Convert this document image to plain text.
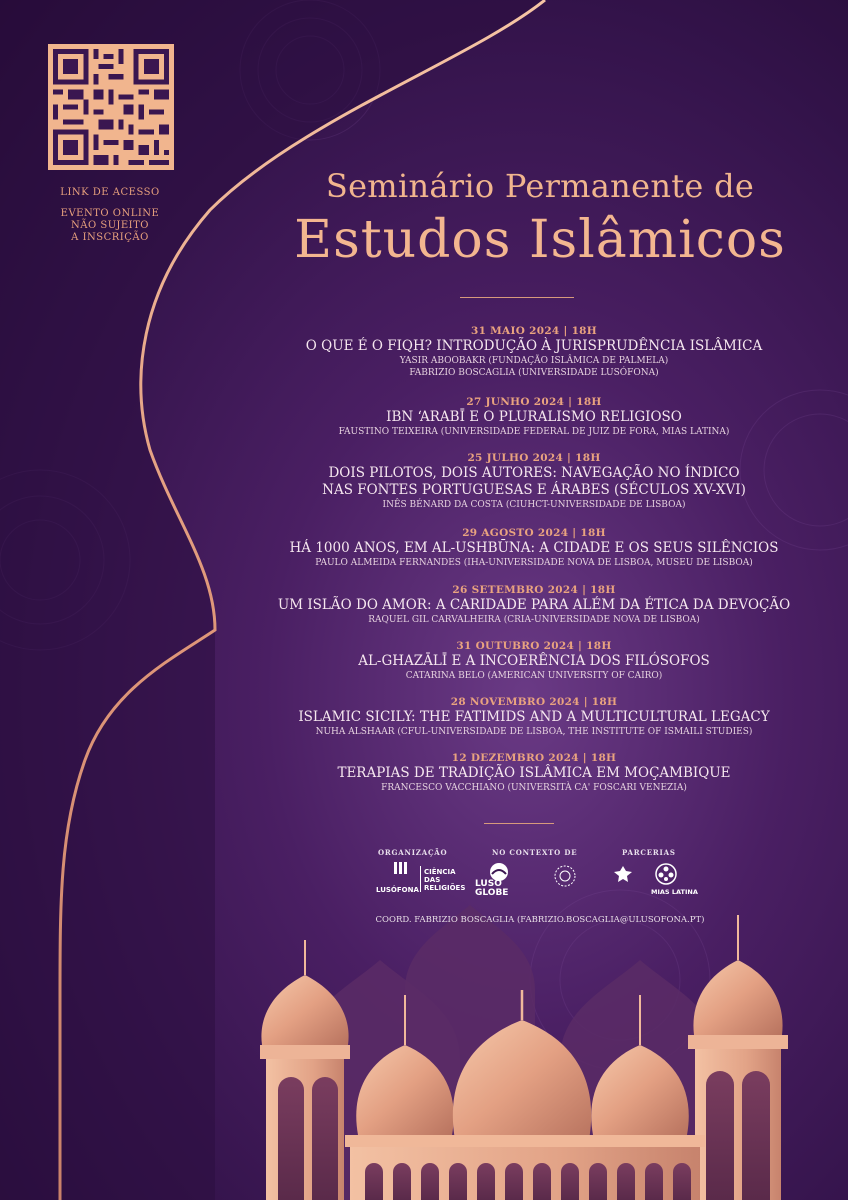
LINK DE ACESSO
EVENTO ONLINE
NÃO SUJEITO
A INSCRIÇÃO
Seminário Permanente de
Estudos Islâmicos
31 MAIO 2024 | 18H
O QUE É O FIQH? INTRODUÇÃO À JURISPRUDÊNCIA ISLÂMICA
YASIR ABOOBAKR (FUNDAÇÃO ISLÂMICA DE PALMELA)
FABRIZIO BOSCAGLIA (UNIVERSIDADE LUSÓFONA)
27 JUNHO 2024 | 18H
IBN ‘ARABĪ E O PLURALISMO RELIGIOSO
FAUSTINO TEIXEIRA (UNIVERSIDADE FEDERAL DE JUIZ DE FORA, MIAS LATINA)
25 JULHO 2024 | 18H
DOIS PILOTOS, DOIS AUTORES: NAVEGAÇÃO NO ÍNDICO
NAS FONTES PORTUGUESAS E ÁRABES (SÉCULOS XV-XVI)
INÊS BÉNARD DA COSTA (CIUHCT-UNIVERSIDADE DE LISBOA)
29 AGOSTO 2024 | 18H
HÁ 1000 ANOS, EM AL-USHBŪNA: A CIDADE E OS SEUS SILÊNCIOS
PAULO ALMEIDA FERNANDES (IHA-UNIVERSIDADE NOVA DE LISBOA, MUSEU DE LISBOA)
26 SETEMBRO 2024 | 18H
UM ISLÃO DO AMOR: A CARIDADE PARA ALÉM DA ÉTICA DA DEVOÇÃO
RAQUEL GIL CARVALHEIRA (CRIA-UNIVERSIDADE NOVA DE LISBOA)
31 OUTUBRO 2024 | 18H
AL-GHAZĀLĪ E A INCOERÊNCIA DOS FILÓSOFOS
CATARINA BELO (AMERICAN UNIVERSITY OF CAIRO)
28 NOVEMBRO 2024 | 18H
ISLAMIC SICILY: THE FATIMIDS AND A MULTICULTURAL LEGACY
NUHA ALSHAAR (CFUL-UNIVERSIDADE DE LISBOA, THE INSTITUTE OF ISMAILI STUDIES)
12 DEZEMBRO 2024 | 18H
TERAPIAS DE TRADIÇÃO ISLÂMICA EM MOÇAMBIQUE
FRANCESCO VACCHIANO (UNIVERSITÀ CA' FOSCARI VENEZIA)
ORGANIZAÇÃO	NO CONTEXTO DE	PARCERIAS
LUSÓFONA
CIÊNCIA
DAS
RELIGIÕES LUSO
GLOBE	MIAS LATINA
COORD. FABRIZIO BOSCAGLIA (FABRIZIO.BOSCAGLIA@ULUSOFONA.PT)
